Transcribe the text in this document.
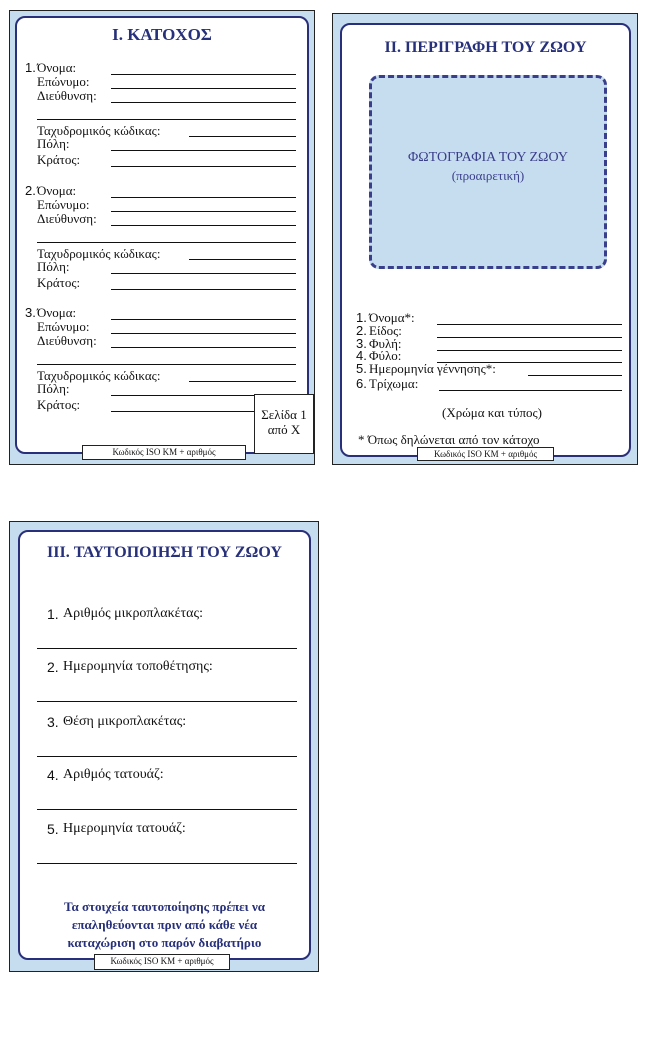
I. ΚΑΤΟΧΟΣ
1. Όνομα:
Επώνυμο:
Διεύθυνση:
Ταχυδρομικός κώδικας:
Πόλη:
Κράτος:
2. Όνομα:
Επώνυμο:
Διεύθυνση:
Ταχυδρομικός κώδικας:
Πόλη:
Κράτος:
3. Όνομα:
Επώνυμο:
Διεύθυνση:
Ταχυδρομικός κώδικας:
Πόλη:
Κράτος:
Σελίδα 1
από X
Κωδικός ISO KM + αριθμός
II. ΠΕΡΙΓΡΑΦΗ ΤΟΥ ΖΩΟΥ
ΦΩΤΟΓΡΑΦΙΑ ΤΟΥ ΖΩΟΥ
(προαιρετική)
1. Όνομα*:
2. Είδος:
3. Φυλή:
4. Φύλο:
5. Ημερομηνία γέννησης*:
6. Τρίχωμα:
(Χρώμα και τύπος)
* Όπως δηλώνεται από τον κάτοχο
Κωδικός ISO KM + αριθμός
III. ΤΑΥΤΟΠΟΙΗΣΗ ΤΟΥ ΖΩΟΥ
1. Αριθμός μικροπλακέτας:
2. Ημερομηνία τοποθέτησης:
3. Θέση μικροπλακέτας:
4. Αριθμός τατουάζ:
5. Ημερομηνία τατουάζ:
Τα στοιχεία ταυτοποίησης πρέπει να
επαληθεύονται πριν από κάθε νέα
καταχώριση στο παρόν διαβατήριο
Κωδικός ISO KM + αριθμός
